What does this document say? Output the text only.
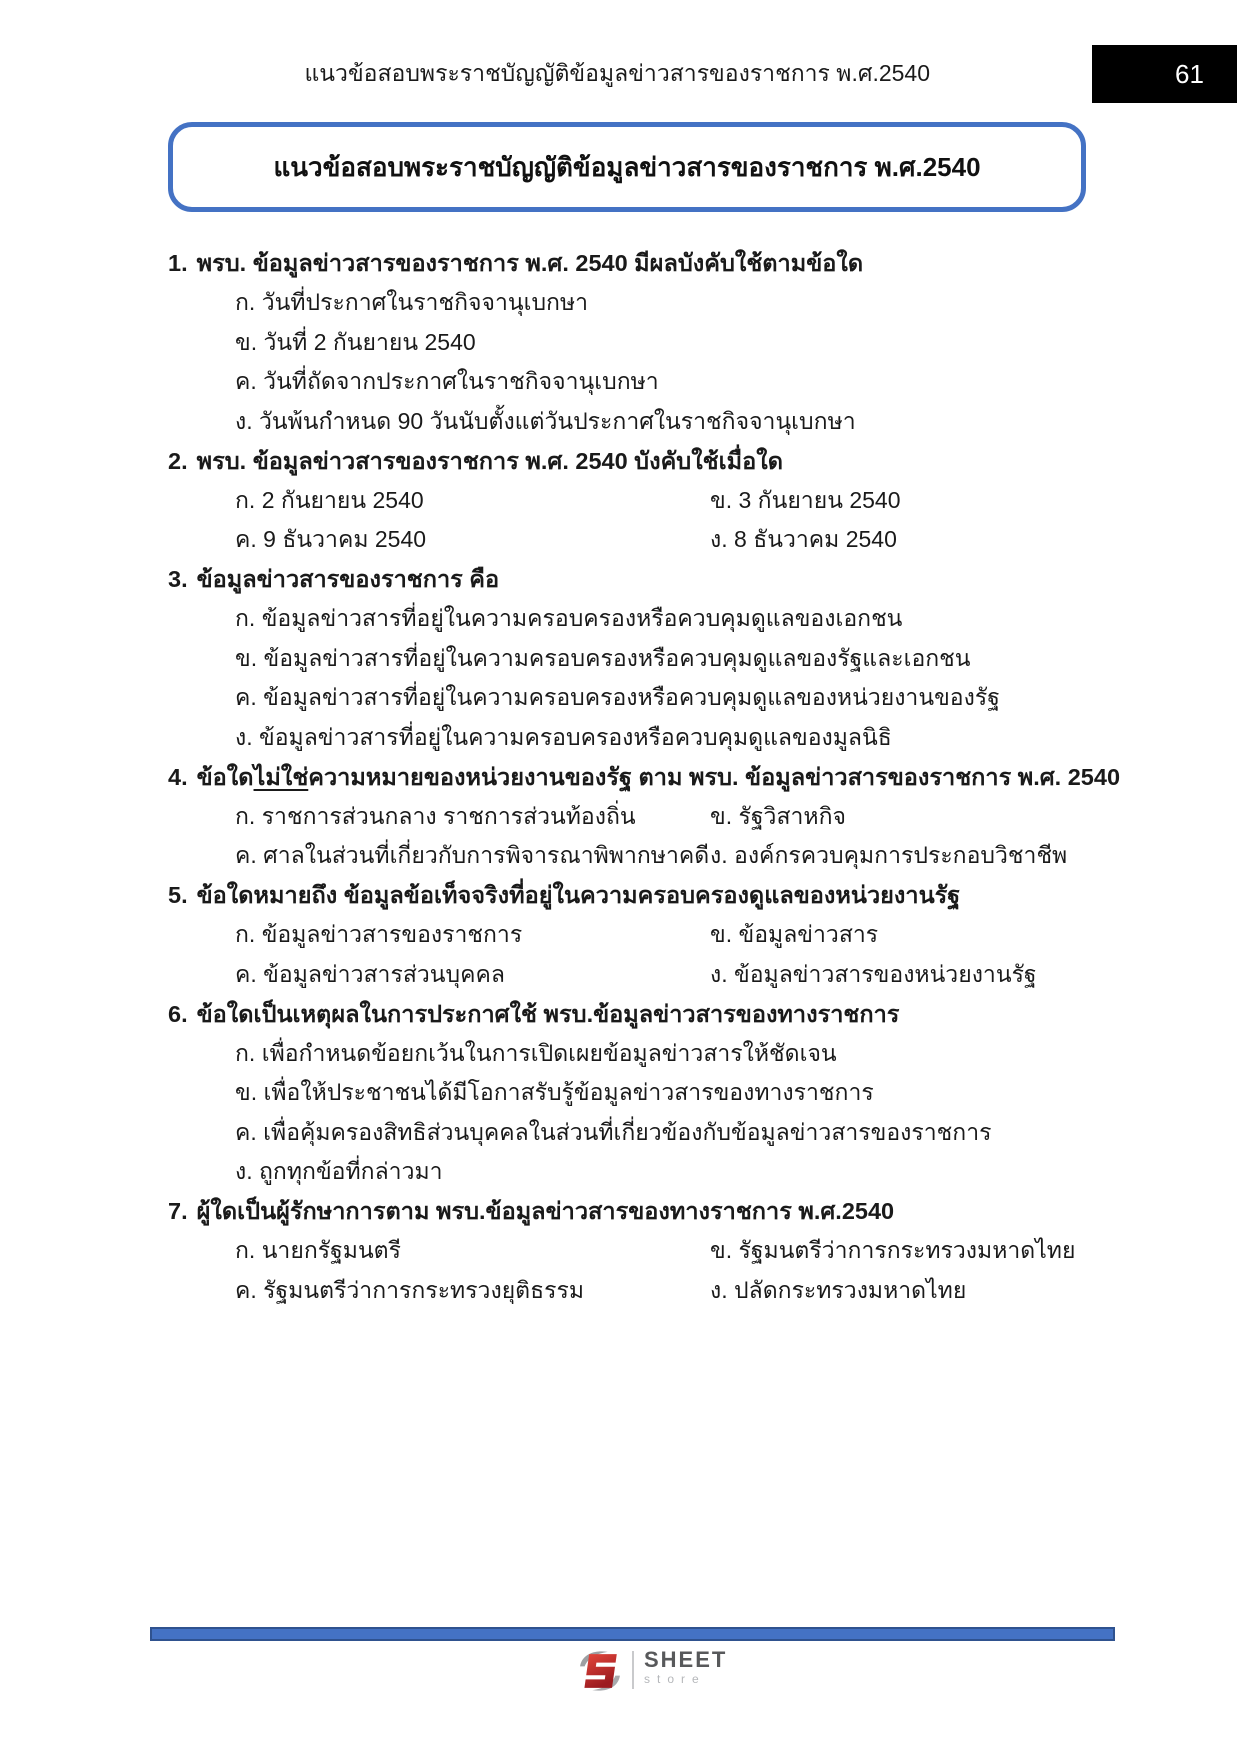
แนวข้อสอบพระราชบัญญัติข้อมูลข่าวสารของราชการ พ.ศ.2540	61
แนวข้อสอบพระราชบัญญัติข้อมูลข่าวสารของราชการ พ.ศ.2540
1. พรบ. ข้อมูลข่าวสารของราชการ พ.ศ. 2540 มีผลบังคับใช้ตามข้อใด
ก. วันที่ประกาศในราชกิจจานุเบกษา
ข. วันที่ 2 กันยายน 2540
ค. วันที่ถัดจากประกาศในราชกิจจานุเบกษา
ง. วันพ้นกำหนด 90 วันนับตั้งแต่วันประกาศในราชกิจจานุเบกษา
2. พรบ. ข้อมูลข่าวสารของราชการ พ.ศ. 2540 บังคับใช้เมื่อใด
ก. 2 กันยายน 2540	ข. 3 กันยายน 2540
ค. 9 ธันวาคม 2540	ง. 8 ธันวาคม 2540
3. ข้อมูลข่าวสารของราชการ คือ
ก. ข้อมูลข่าวสารที่อยู่ในความครอบครองหรือควบคุมดูแลของเอกชน
ข. ข้อมูลข่าวสารที่อยู่ในความครอบครองหรือควบคุมดูแลของรัฐและเอกชน
ค. ข้อมูลข่าวสารที่อยู่ในความครอบครองหรือควบคุมดูแลของหน่วยงานของรัฐ
ง. ข้อมูลข่าวสารที่อยู่ในความครอบครองหรือควบคุมดูแลของมูลนิธิ
4. ข้อใด ไม่ใช่ ความหมายของหน่วยงานของรัฐ ตาม พรบ. ข้อมูลข่าวสารของราชการ พ.ศ. 2540
ก. ราชการส่วนกลาง ราชการส่วนท้องถิ่น	ข. รัฐวิสาหกิจ
ค. ศาลในส่วนที่เกี่ยวกับการพิจารณาพิพากษาคดี ง. องค์กรควบคุมการประกอบวิชาชีพ
5. ข้อใดหมายถึง ข้อมูลข้อเท็จจริงที่อยู่ในความครอบครองดูแลของหน่วยงานรัฐ
ก. ข้อมูลข่าวสารของราชการ	ข. ข้อมูลข่าวสาร
ค. ข้อมูลข่าวสารส่วนบุคคล	ง. ข้อมูลข่าวสารของหน่วยงานรัฐ
6. ข้อใดเป็นเหตุผลในการประกาศใช้ พรบ.ข้อมูลข่าวสารของทางราชการ
ก. เพื่อกำหนดข้อยกเว้นในการเปิดเผยข้อมูลข่าวสารให้ชัดเจน
ข. เพื่อให้ประชาชนได้มีโอกาสรับรู้ข้อมูลข่าวสารของทางราชการ
ค. เพื่อคุ้มครองสิทธิส่วนบุคคลในส่วนที่เกี่ยวข้องกับข้อมูลข่าวสารของราชการ
ง. ถูกทุกข้อที่กล่าวมา
7. ผู้ใดเป็นผู้รักษาการตาม พรบ.ข้อมูลข่าวสารของทางราชการ พ.ศ.2540
ก. นายกรัฐมนตรี	ข. รัฐมนตรีว่าการกระทรวงมหาดไทย
ค. รัฐมนตรีว่าการกระทรวงยุติธรรม	ง. ปลัดกระทรวงมหาดไทย
SHEET
store
